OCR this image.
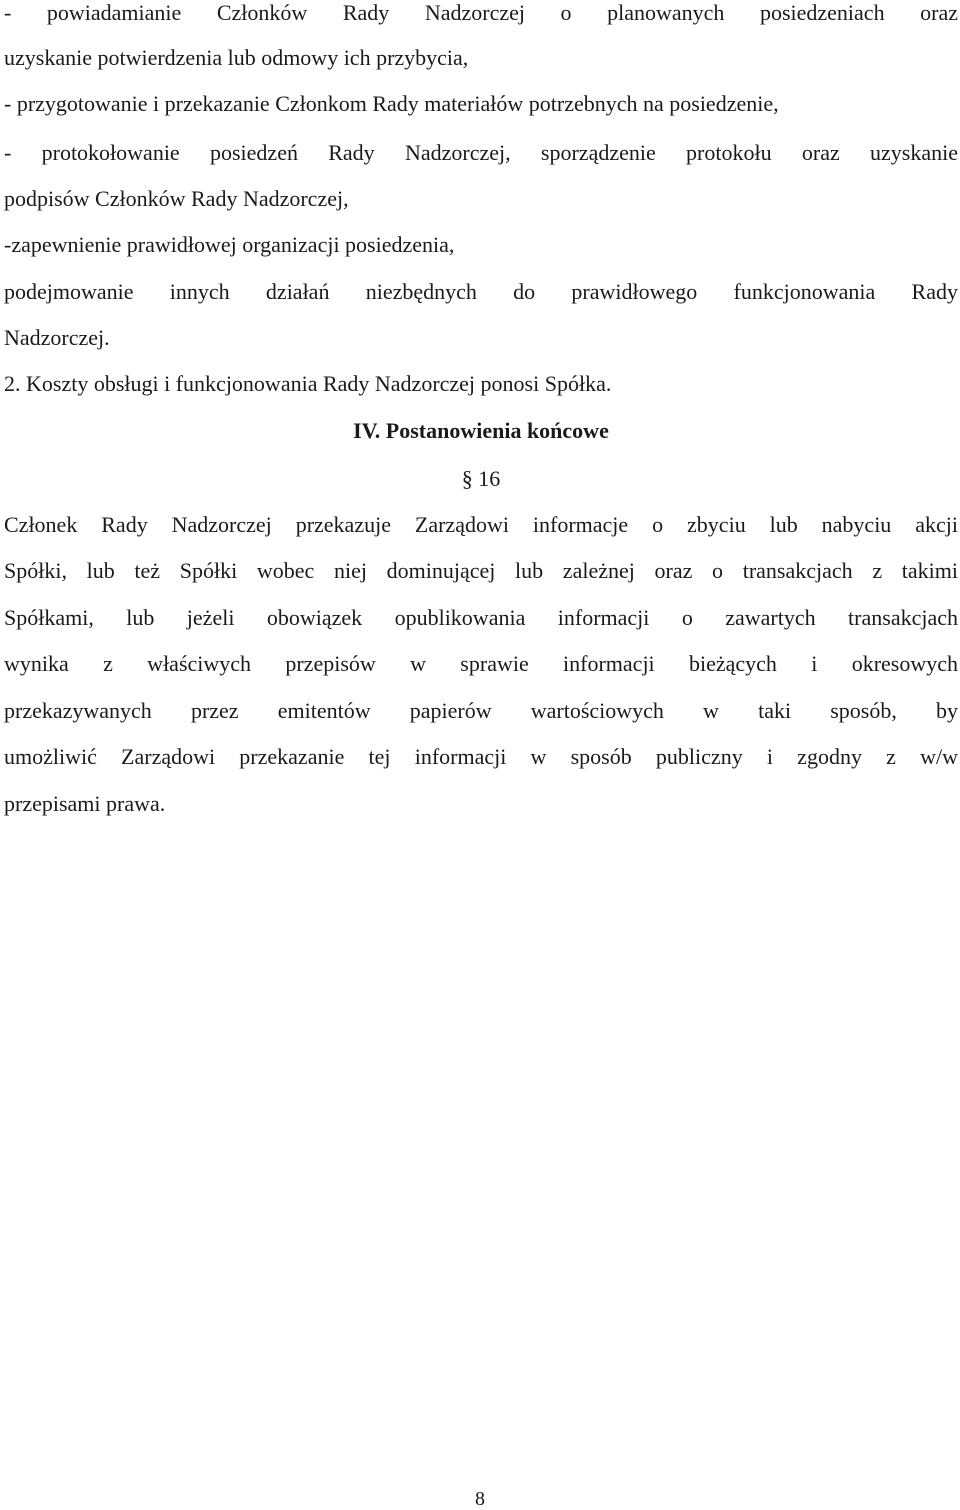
- powiadamianie Członków Rady Nadzorczej o planowanych posiedzeniach oraz
uzyskanie potwierdzenia lub odmowy ich przybycia,
- przygotowanie i przekazanie Członkom Rady materiałów potrzebnych na posiedzenie,
- protokołowanie posiedzeń Rady Nadzorczej, sporządzenie protokołu oraz uzyskanie
podpisów Członków Rady Nadzorczej,
-zapewnienie prawidłowej organizacji posiedzenia,
podejmowanie innych działań niezbędnych do prawidłowego funkcjonowania Rady
Nadzorczej.
2. Koszty obsługi i funkcjonowania Rady Nadzorczej ponosi Spółka.
IV. Postanowienia końcowe
§ 16
Członek Rady Nadzorczej przekazuje Zarządowi informacje o zbyciu lub nabyciu akcji
Spółki, lub też Spółki wobec niej dominującej lub zależnej oraz o transakcjach z takimi
Spółkami, lub jeżeli obowiązek opublikowania informacji o zawartych transakcjach
wynika z właściwych przepisów w sprawie informacji bieżących i okresowych
przekazywanych przez emitentów papierów wartościowych w taki sposób, by
umożliwić Zarządowi przekazanie tej informacji w sposób publiczny i zgodny z w/w
przepisami prawa.
8
